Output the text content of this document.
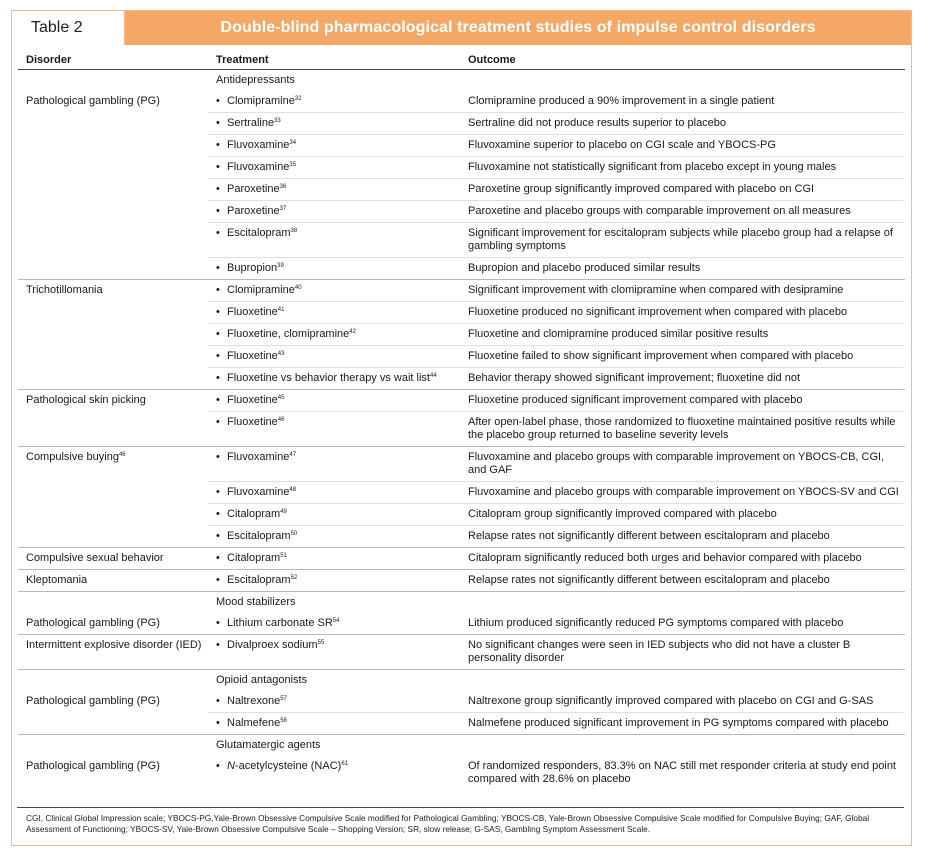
Table 2	Double-blind pharmacological treatment studies of impulse control disorders
Disorder	Treatment	Outcome
	Antidepressants	
Pathological gambling (PG)	• Clomipramine$^{32}$	Clomipramine produced a 90% improvement in a single patient
	• Sertraline$^{33}$	Sertraline did not produce results superior to placebo
	• Fluvoxamine$^{34}$	Fluvoxamine superior to placebo on CGI scale and YBOCS-PG
	• Fluvoxamine$^{35}$	Fluvoxamine not statistically significant from placebo except in young males
	• Paroxetine$^{36}$	Paroxetine group significantly improved compared with placebo on CGI
	• Paroxetine$^{37}$	Paroxetine and placebo groups with comparable improvement on all measures
	• Escitalopram$^{38}$	Significant improvement for escitalopram subjects while placebo group had a relapse of gambling symptoms
	• Bupropion$^{39}$	Bupropion and placebo produced similar results
Trichotillomania	• Clomipramine$^{40}$	Significant improvement with clomipramine when compared with desipramine
	• Fluoxetine$^{41}$	Fluoxetine produced no significant improvement when compared with placebo
	• Fluoxetine, clomipramine$^{42}$	Fluoxetine and clomipramine produced similar positive results
	• Fluoxetine$^{43}$	Fluoxetine failed to show significant improvement when compared with placebo
	• Fluoxetine vs behavior therapy vs wait list$^{44}$	Behavior therapy showed significant improvement; fluoxetine did not
Pathological skin picking	• Fluoxetine$^{45}$	Fluoxetine produced significant improvement compared with placebo
	• Fluoxetine$^{46}$	After open-label phase, those randomized to fluoxetine maintained positive results while the placebo group returned to baseline severity levels
Compulsive buying$^{46}$	• Fluvoxamine$^{47}$	Fluvoxamine and placebo groups with comparable improvement on YBOCS-CB, CGI, and GAF
	• Fluvoxamine$^{48}$	Fluvoxamine and placebo groups with comparable improvement on YBOCS-SV and CGI
	• Citalopram$^{49}$	Citalopram group significantly improved compared with placebo
	• Escitalopram$^{50}$	Relapse rates not significantly different between escitalopram and placebo
Compulsive sexual behavior	• Citalopram$^{51}$	Citalopram significantly reduced both urges and behavior compared with placebo
Kleptomania	• Escitalopram$^{52}$	Relapse rates not significantly different between escitalopram and placebo
	Mood stabilizers	
Pathological gambling (PG)	• Lithium carbonate SR$^{54}$	Lithium produced significantly reduced PG symptoms compared with placebo
Intermittent explosive disorder (IED)	• Divalproex sodium$^{55}$	No significant changes were seen in IED subjects who did not have a cluster B personality disorder
	Opioid antagonists	
Pathological gambling (PG)	• Naltrexone$^{57}$	Naltrexone group significantly improved compared with placebo on CGI and G-SAS
	• Nalmefene$^{58}$	Nalmefene produced significant improvement in PG symptoms compared with placebo
	Glutamatergic agents	
Pathological gambling (PG)	• N-acetylcysteine (NAC)$^{61}$	Of randomized responders, 83.3% on NAC still met responder criteria at study end point compared with 28.6% on placebo
CGI, Clinical Global Impression scale; YBOCS-PG,Yale-Brown Obsessive Compulsive Scale modified for Pathological Gambling; YBOCS-CB, Yale-Brown Obsessive Compulsive Scale modified for Compulsive Buying; GAF, Global Assessment of Functioning; YBOCS-SV, Yale-Brown Obsessive Compulsive Scale – Shopping Version; SR, slow release; G-SAS, Gambling Symptom Assessment Scale.
